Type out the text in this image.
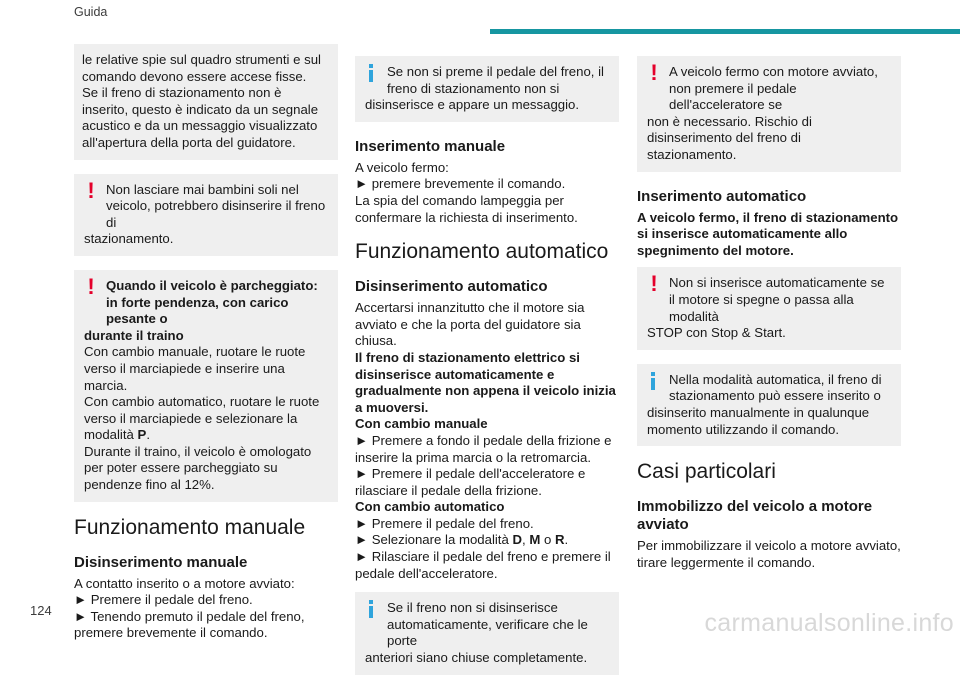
Guida

le relative spie sul quadro strumenti e sul comando devono essere accese fisse.

Se il freno di stazionamento non è inserito, questo è indicato da un segnale acustico e da un messaggio visualizzato all'apertura della porta del guidatore.

! Non lasciare mai bambini soli nel veicolo, potrebbero disinserire il freno di

stazionamento.

! Quando il veicolo è parcheggiato: in forte pendenza, con carico pesante o

durante il traino

Con cambio manuale, ruotare le ruote verso il marciapiede e inserire una marcia.

Con cambio automatico, ruotare le ruote verso il marciapiede e selezionare la modalità P.

Durante il traino, il veicolo è omologato per poter essere parcheggiato su pendenze fino al 12%.

Funzionamento manuale
Disinserimento manuale

A contatto inserito o a motore avviato:

► Premere il pedale del freno.

► Tenendo premuto il pedale del freno, premere brevemente il comando.

Se non si preme il pedale del freno, il freno di stazionamento non si

disinserisce e appare un messaggio.

Inserimento manuale

A veicolo fermo:

► premere brevemente il comando.

La spia del comando lampeggia per confermare la richiesta di inserimento.

Funzionamento automatico
Disinserimento automatico

Accertarsi innanzitutto che il motore sia avviato e che la porta del guidatore sia chiusa.

Il freno di stazionamento elettrico si disinserisce automaticamente e gradualmente non appena il veicolo inizia a muoversi.

Con cambio manuale

► Premere a fondo il pedale della frizione e inserire la prima marcia o la retromarcia.

► Premere il pedale dell'acceleratore e rilasciare il pedale della frizione.

Con cambio automatico

► Premere il pedale del freno.

► Selezionare la modalità D, M o R.

► Rilasciare il pedale del freno e premere il pedale dell'acceleratore.

Se il freno non si disinserisce automaticamente, verificare che le porte

anteriori siano chiuse completamente.

! A veicolo fermo con motore avviato, non premere il pedale dell'acceleratore se

non è necessario. Rischio di disinserimento del freno di stazionamento.

Inserimento automatico

A veicolo fermo, il freno di stazionamento si inserisce automaticamente allo spegnimento del motore.

! Non si inserisce automaticamente se il motore si spegne o passa alla modalità

STOP con Stop & Start.

Nella modalità automatica, il freno di stazionamento può essere inserito o

disinserito manualmente in qualunque momento utilizzando il comando.

Casi particolari
Immobilizzo del veicolo a motore avviato

Per immobilizzare il veicolo a motore avviato, tirare leggermente il comando.

124	carmanualsonline.info
